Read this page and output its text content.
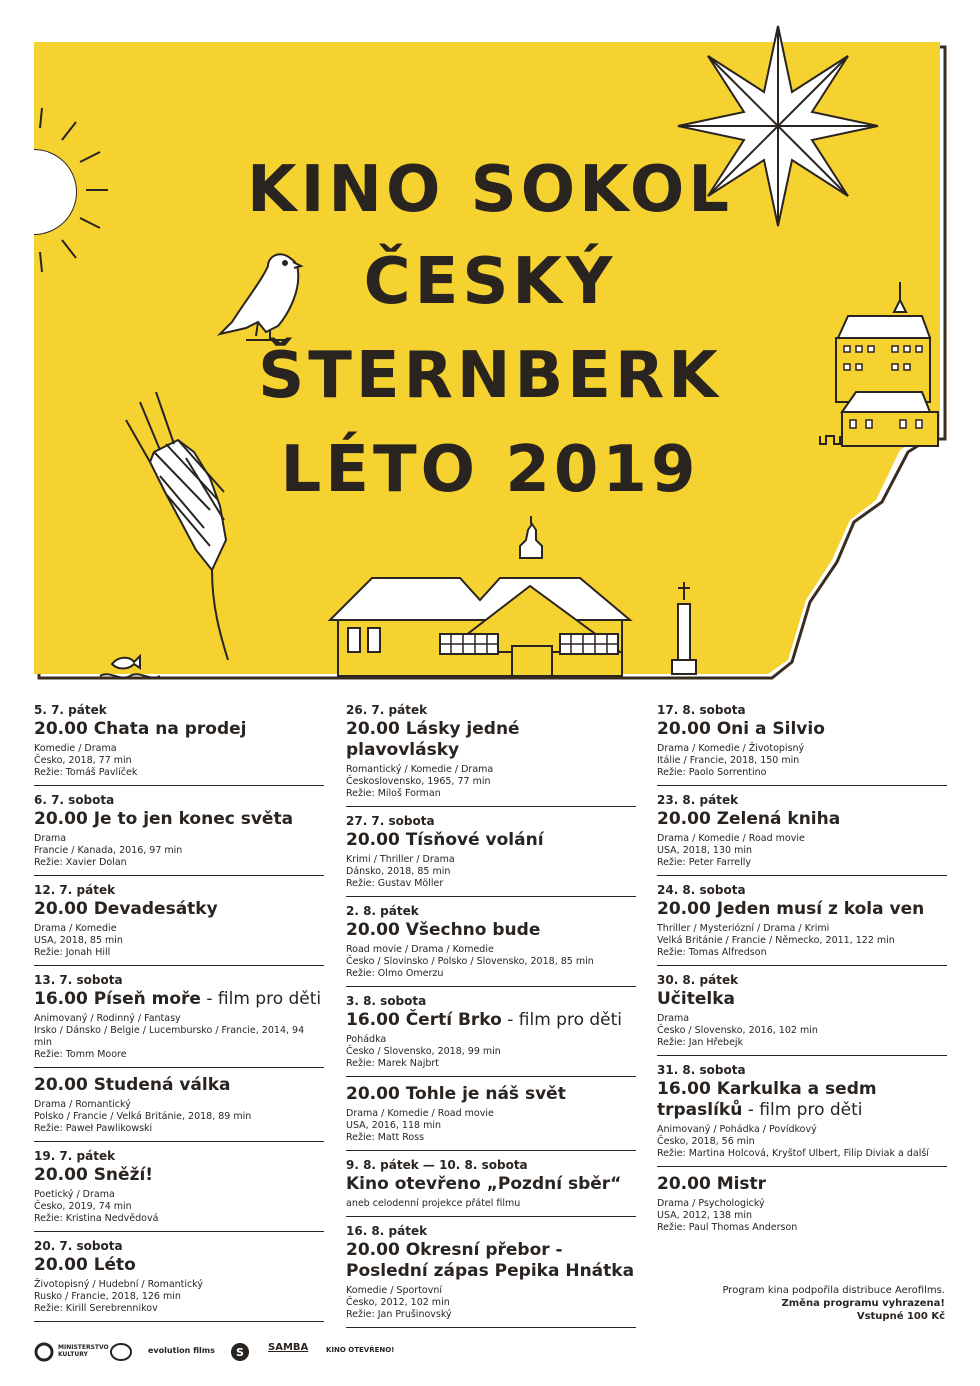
KINO SOKOL
ČESKÝ
ŠTERNBERK
LÉTO 2019
5. 7. pátek
20.00 Chata na prodej
Komedie / Drama
Česko, 2018, 77 min
Režie: Tomáš Pavlíček
6. 7. sobota
20.00 Je to jen konec světa
Drama
Francie / Kanada, 2016, 97 min
Režie: Xavier Dolan
12. 7. pátek
20.00 Devadesátky
Drama / Komedie
USA, 2018, 85 min
Režie: Jonah Hill
13. 7. sobota
16.00 Píseň moře - film pro děti
Animovaný / Rodinný / Fantasy
Irsko / Dánsko / Belgie / Lucembursko / Francie, 2014, 94 min
Režie: Tomm Moore
20.00 Studená válka
Drama / Romantický
Polsko / Francie / Velká Británie, 2018, 89 min
Režie: Paweł Pawlikowski
19. 7. pátek
20.00 Sněží!
Poetický / Drama
Česko, 2019, 74 min
Režie: Kristina Nedvědová
20. 7. sobota
20.00 Léto
Životopisný / Hudební / Romantický
Rusko / Francie, 2018, 126 min
Režie: Kirill Serebrennikov
26. 7. pátek
20.00 Lásky jedné plavovlásky
Romantický / Komedie / Drama
Československo, 1965, 77 min
Režie: Miloš Forman
27. 7. sobota
20.00 Tísňové volání
Krimi / Thriller / Drama
Dánsko, 2018, 85 min
Režie: Gustav Möller
2. 8. pátek
20.00 Všechno bude
Road movie / Drama / Komedie
Česko / Slovinsko / Polsko / Slovensko, 2018, 85 min
Režie: Olmo Omerzu
3. 8. sobota
16.00 Čertí Brko - film pro děti
Pohádka
Česko / Slovensko, 2018, 99 min
Režie: Marek Najbrt
20.00 Tohle je náš svět
Drama / Komedie / Road movie
USA, 2016, 118 min
Režie: Matt Ross
9. 8. pátek — 10. 8. sobota
Kino otevřeno „Pozdní sběr“
aneb celodenní projekce přátel filmu
16. 8. pátek
20.00 Okresní přebor - Poslední zápas Pepika Hnátka
Komedie / Sportovní
Česko, 2012, 102 min
Režie: Jan Prušinovský
17. 8. sobota
20.00 Oni a Silvio
Drama / Komedie / Životopisný
Itálie / Francie, 2018, 150 min
Režie: Paolo Sorrentino
23. 8. pátek
20.00 Zelená kniha
Drama / Komedie / Road movie
USA, 2018, 130 min
Režie: Peter Farrelly
24. 8. sobota
20.00 Jeden musí z kola ven
Thriller / Mysteriózní / Drama / Krimi
Velká Británie / Francie / Německo, 2011, 122 min
Režie: Tomas Alfredson
30. 8. pátek
Učitelka
Drama
Česko / Slovensko, 2016, 102 min
Režie: Jan Hřebejk
31. 8. sobota
16.00 Karkulka a sedm trpaslíků - film pro děti
Animovaný / Pohádka / Povídkový
Česko, 2018, 56 min
Režie: Martina Holcová, Kryštof Ulbert, Filip Diviak a další
20.00 Mistr
Drama / Psychologický
USA, 2012, 138 min
Režie: Paul Thomas Anderson
Program kina podpořila distribuce Aerofilms.
Změna programu vyhrazena!
Vstupné 100 Kč
MINISTERSTVO KULTURY	evolution films S SAMBA	KINO OTEVŘENO!
